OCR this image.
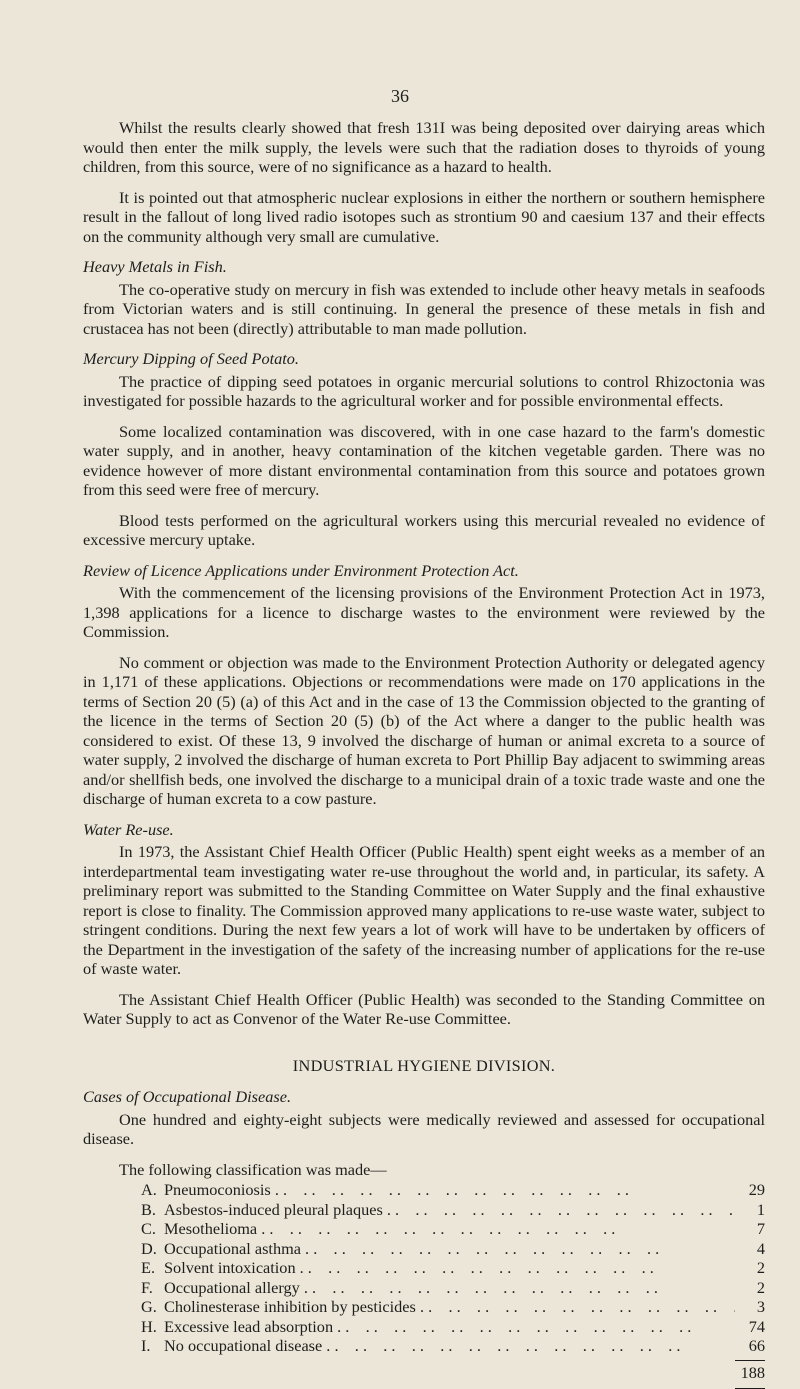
36

Whilst the results clearly showed that fresh 131I was being deposited over dairying areas which would then enter the milk supply, the levels were such that the radiation doses to thyroids of young children, from this source, were of no significance as a hazard to health.

It is pointed out that atmospheric nuclear explosions in either the northern or southern hemisphere result in the fallout of long lived radio isotopes such as strontium 90 and caesium 137 and their effects on the community although very small are cumulative.

Heavy Metals in Fish.

The co-operative study on mercury in fish was extended to include other heavy metals in seafoods from Victorian waters and is still continuing. In general the presence of these metals in fish and crustacea has not been (directly) attributable to man made pollution.

Mercury Dipping of Seed Potato.

The practice of dipping seed potatoes in organic mercurial solutions to control Rhizoctonia was investigated for possible hazards to the agricultural worker and for possible environmental effects.

Some localized contamination was discovered, with in one case hazard to the farm's domestic water supply, and in another, heavy contamination of the kitchen vegetable garden. There was no evidence however of more distant environmental contamination from this source and potatoes grown from this seed were free of mercury.

Blood tests performed on the agricultural workers using this mercurial revealed no evidence of excessive mercury uptake.

Review of Licence Applications under Environment Protection Act.

With the commencement of the licensing provisions of the Environment Protection Act in 1973, 1,398 applications for a licence to discharge wastes to the environment were reviewed by the Commission.

No comment or objection was made to the Environment Protection Authority or delegated agency in 1,171 of these applications. Objections or recommendations were made on 170 applications in the terms of Section 20 (5) (a) of this Act and in the case of 13 the Commission objected to the granting of the licence in the terms of Section 20 (5) (b) of the Act where a danger to the public health was considered to exist. Of these 13, 9 involved the discharge of human or animal excreta to a source of water supply, 2 involved the discharge of human excreta to Port Phillip Bay adjacent to swimming areas and/or shellfish beds, one involved the discharge to a municipal drain of a toxic trade waste and one the discharge of human excreta to a cow pasture.

Water Re-use.

In 1973, the Assistant Chief Health Officer (Public Health) spent eight weeks as a member of an interdepartmental team investigating water re-use throughout the world and, in particular, its safety. A preliminary report was submitted to the Standing Committee on Water Supply and the final exhaustive report is close to finality. The Commission approved many applications to re-use waste water, subject to stringent conditions. During the next few years a lot of work will have to be undertaken by officers of the Department in the investigation of the safety of the increasing number of applications for the re-use of waste water.

The Assistant Chief Health Officer (Public Health) was seconded to the Standing Committee on Water Supply to act as Convenor of the Water Re-use Committee.

INDUSTRIAL HYGIENE DIVISION.
Cases of Occupational Disease.

One hundred and eighty-eight subjects were medically reviewed and assessed for occupational disease.

The following classification was made—

A. Pneumoconiosis . .	29
B. Asbestos-induced pleural plaques . .	1
C. Mesothelioma . .	7
D. Occupational asthma . .	4
E. Solvent intoxication . .	2
F. Occupational allergy . .	2
G. Cholinesterase inhibition by pesticides . .	3
H. Excessive lead absorption . .	74
I. No occupational disease . .	66
188
